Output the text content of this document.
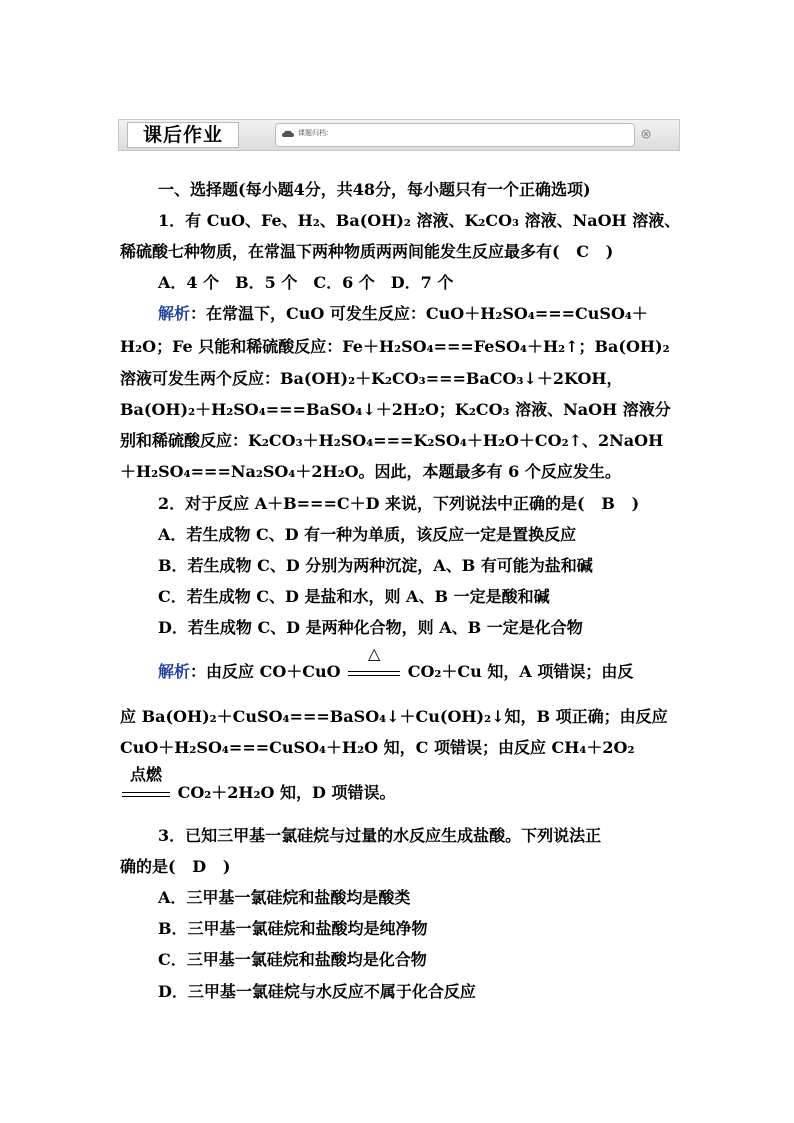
课后作业	课题归档：
一、选择题(每小题4分，共48分，每小题只有一个正确选项)
1．有 CuO、Fe、H₂、Ba(OH)₂ 溶液、K₂CO₃ 溶液、NaOH 溶液、
稀硫酸七种物质，在常温下两种物质两两间能发生反应最多有( C   )
A．4 个　B．5 个　C．6 个　D．7 个
解析：在常温下，CuO 可发生反应：CuO＋H₂SO₄===CuSO₄＋
H₂O；Fe 只能和稀硫酸反应：Fe＋H₂SO₄===FeSO₄＋H₂↑；Ba(OH)₂
溶液可发生两个反应：Ba(OH)₂＋K₂CO₃===BaCO₃↓＋2KOH，
Ba(OH)₂＋H₂SO₄===BaSO₄↓＋2H₂O；K₂CO₃ 溶液、NaOH 溶液分
别和稀硫酸反应：K₂CO₃＋H₂SO₄===K₂SO₄＋H₂O＋CO₂↑、2NaOH
＋H₂SO₄===Na₂SO₄＋2H₂O。因此，本题最多有 6 个反应发生。
2．对于反应 A＋B===C＋D 来说，下列说法中正确的是( B   )
A．若生成物 C、D 有一种为单质，该反应一定是置换反应
B．若生成物 C、D 分别为两种沉淀，A、B 有可能为盐和碱
C．若生成物 C、D 是盐和水，则 A、B 一定是酸和碱
D．若生成物 C、D 是两种化合物，则 A、B 一定是化合物
解析：由反应 CO＋CuO
△
CO₂＋Cu 知，A 项错误；由反
应 Ba(OH)₂＋CuSO₄===BaSO₄↓＋Cu(OH)₂↓知，B 项正确；由反应
CuO＋H₂SO₄===CuSO₄＋H₂O 知，C 项错误；由反应 CH₄＋2O₂
点燃
CO₂＋2H₂O 知，D 项错误。
3．已知三甲基一氯硅烷与过量的水反应生成盐酸。下列说法正
确的是( D   )
A．三甲基一氯硅烷和盐酸均是酸类
B．三甲基一氯硅烷和盐酸均是纯净物
C．三甲基一氯硅烷和盐酸均是化合物
D．三甲基一氯硅烷与水反应不属于化合反应
